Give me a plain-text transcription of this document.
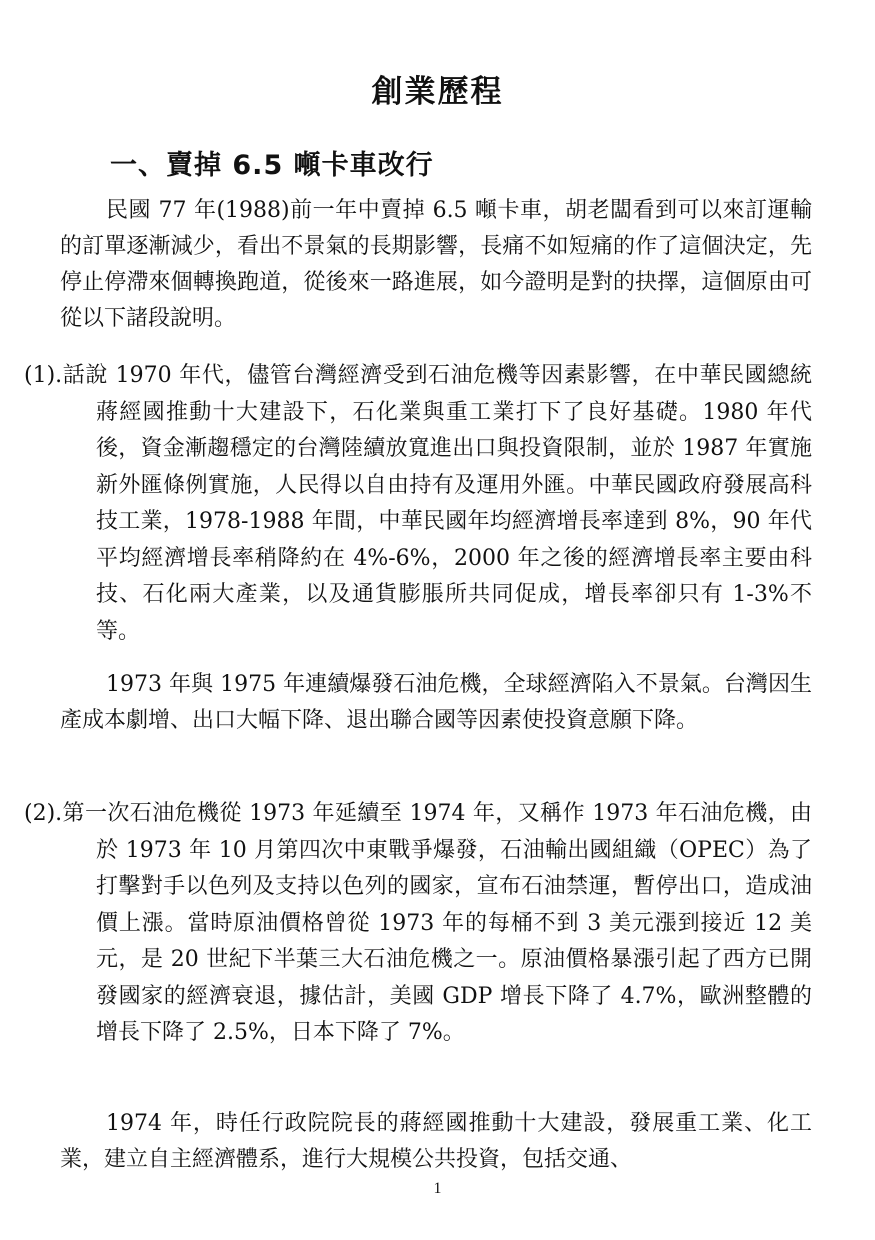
創業歷程
一、賣掉 6.5 噸卡車改行

民國 77 年(1988)前一年中賣掉 6.5 噸卡車，胡老闆看到可以來訂運輸的訂單逐漸減少，看出不景氣的長期影響，長痛不如短痛的作了這個決定，先停止停滯來個轉換跑道，從後來一路進展，如今證明是對的抉擇，這個原由可從以下諸段說明。

(1).話說 1970 年代，儘管台灣經濟受到石油危機等因素影響，在中華民國總統蔣經國推動十大建設下，石化業與重工業打下了良好基礎。1980 年代後，資金漸趨穩定的台灣陸續放寬進出口與投資限制，並於 1987 年實施新外匯條例實施，人民得以自由持有及運用外匯。中華民國政府發展高科技工業，1978-1988 年間，中華民國年均經濟增長率達到 8%，90 年代平均經濟增長率稍降約在 4%-6%，2000 年之後的經濟增長率主要由科技、石化兩大產業，以及通貨膨脹所共同促成，增長率卻只有 1-3%不等。

1973 年與 1975 年連續爆發石油危機，全球經濟陷入不景氣。台灣因生產成本劇增、出口大幅下降、退出聯合國等因素使投資意願下降。

(2).第一次石油危機從 1973 年延續至 1974 年，又稱作 1973 年石油危機，由於 1973 年 10 月第四次中東戰爭爆發，石油輸出國組織（OPEC）為了打擊對手以色列及支持以色列的國家，宣布石油禁運，暫停出口，造成油價上漲。當時原油價格曾從 1973 年的每桶不到 3 美元漲到接近 12 美元，是 20 世紀下半葉三大石油危機之一。原油價格暴漲引起了西方已開發國家的經濟衰退，據估計，美國 GDP 增長下降了 4.7%，歐洲整體的增長下降了 2.5%，日本下降了 7%。

1974 年，時任行政院院長的蔣經國推動十大建設，發展重工業、化工業，建立自主經濟體系，進行大規模公共投資，包括交通、

1
